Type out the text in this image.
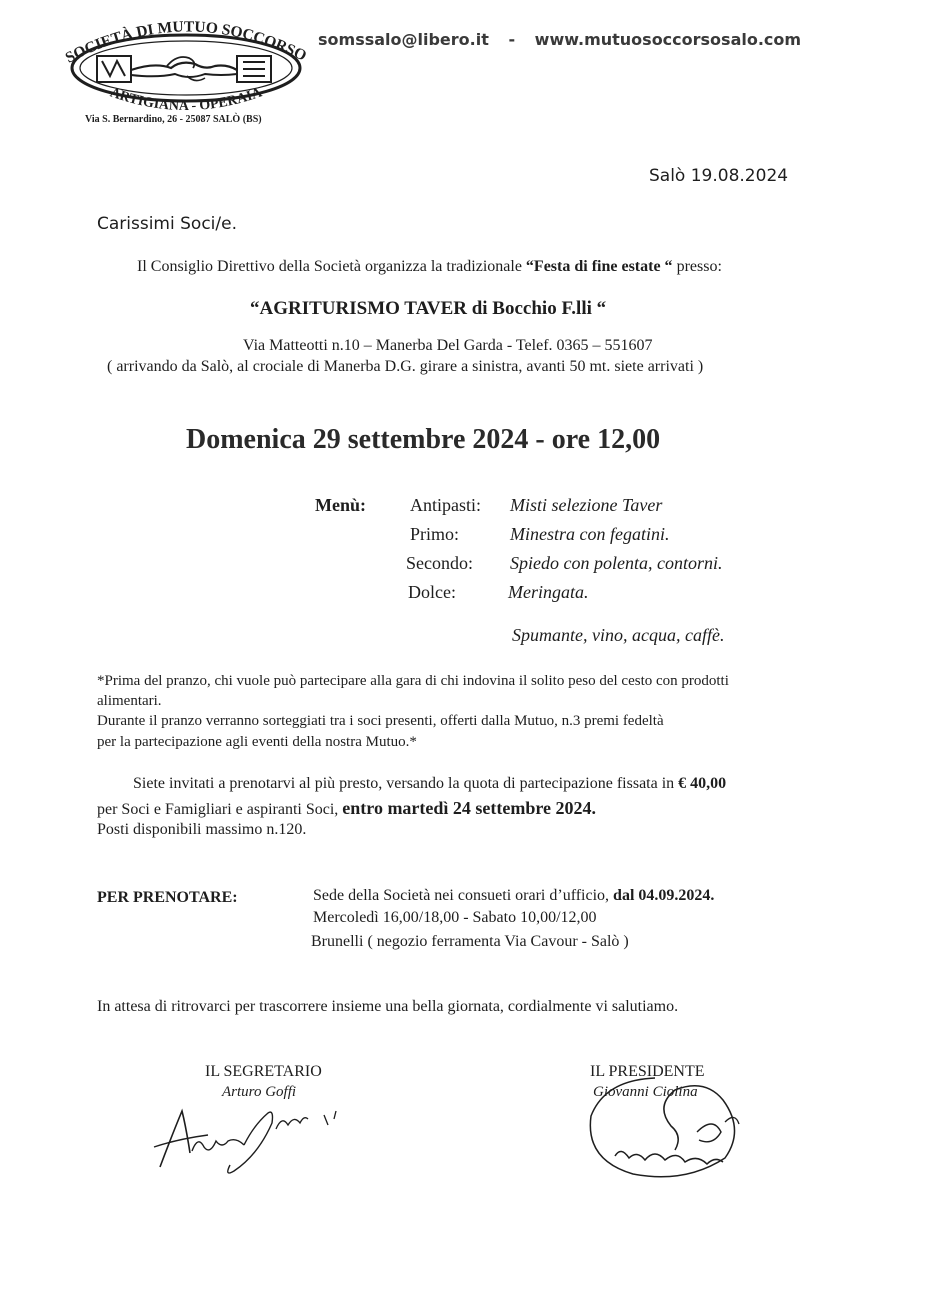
SOCIETÀ DI MUTUO SOCCORSO
ARTIGIANA - OPERAIA
Via S. Bernardino, 26 - 25087 SALÒ (BS)
somssalo@libero.it - www.mutuosoccorsosalo.com
Salò 19.08.2024
Carissimi Soci/e.
Il Consiglio Direttivo della Società organizza la tradizionale “Festa di fine estate “ presso:
“AGRITURISMO TAVER di Bocchio F.lli “
Via Matteotti n.10 – Manerba Del Garda - Telef. 0365 – 551607
( arrivando da Salò, al crociale di Manerba D.G. girare a sinistra, avanti 50 mt. siete arrivati )
Domenica 29 settembre 2024 - ore 12,00
Menù: Antipasti: Misti selezione Taver
Primo:	Minestra con fegatini.
Secondo: Spiedo con polenta, contorni.
Dolce:	Meringata.
Spumante, vino, acqua, caffè.
*Prima del pranzo, chi vuole può partecipare alla gara di chi indovina il solito peso del cesto con prodotti
alimentari.
Durante il pranzo verranno sorteggiati tra i soci presenti, offerti dalla Mutuo, n.3 premi fedeltà
per la partecipazione agli eventi della nostra Mutuo.*
Siete invitati a prenotarvi al più presto, versando la quota di partecipazione fissata in € 40,00
per Soci e Famigliari e aspiranti Soci, entro martedì 24 settembre 2024.
Posti disponibili massimo n.120.
PER PRENOTARE:	Sede della Società nei consueti orari d’ufficio, dal 04.09.2024.
Mercoledì 16,00/18,00 - Sabato 10,00/12,00
Brunelli ( negozio ferramenta Via Cavour - Salò )
In attesa di ritrovarci per trascorrere insieme una bella giornata, cordialmente vi salutiamo.
IL SEGRETARIO
Arturo Goffi
IL PRESIDENTE
Giovanni Ciolina
